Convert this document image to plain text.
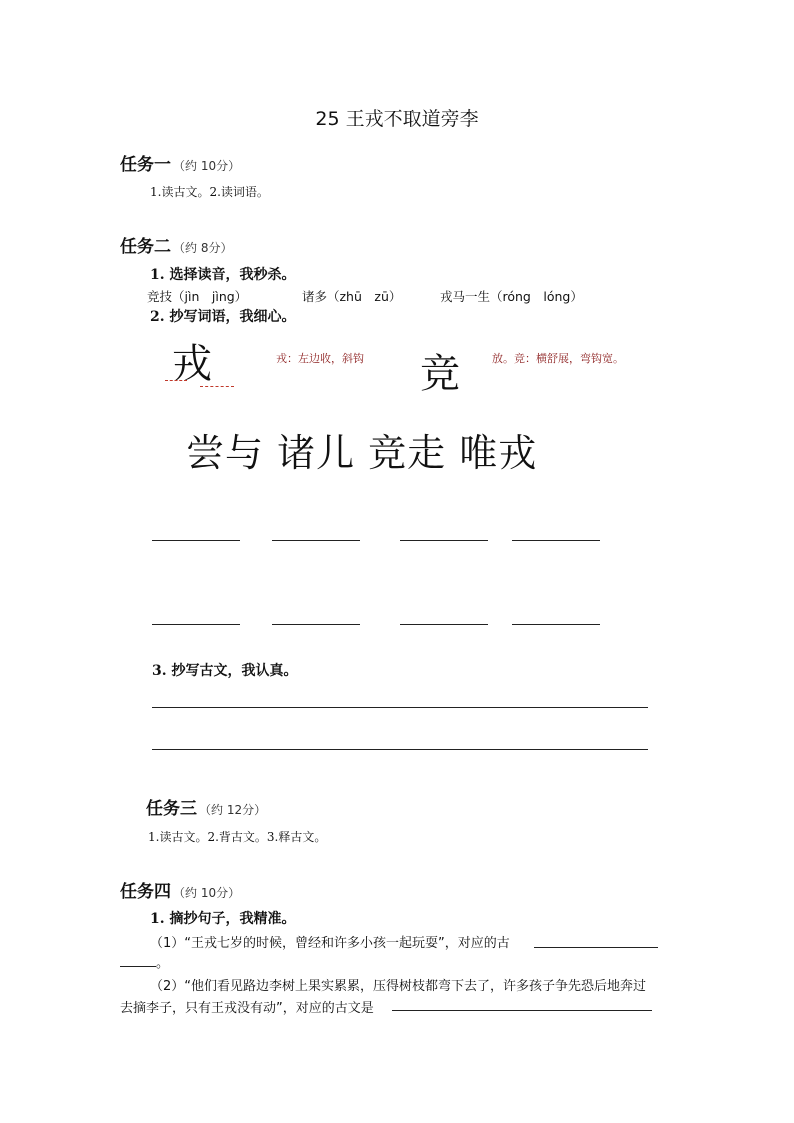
25 王戎不取道旁李
任务一 （约 10分）
1.读古文。2.读词语。
任务二 （约 8分）
1. 选择读音，我秒杀。
竞技（jìn　jìng）	诸多（zhū　zū）	戎马一生（róng　lóng）
2. 抄写词语，我细心。
戎	戎：左边收，斜钩 竞	放。竞：横舒展，弯钩宽。
尝与 诸儿 竞走 唯戎
3. 抄写古文，我认真。
任务三 （约 12分）
1.读古文。2.背古文。3.释古文。
任务四 （约 10分）
1. 摘抄句子，我精准。
（1）“王戎七岁的时候，曾经和许多小孩一起玩耍”，对应的古
。
（2）“他们看见路边李树上果实累累，压得树枝都弯下去了，许多孩子争先恐后地奔过
去摘李子，只有王戎没有动”，对应的古文是
